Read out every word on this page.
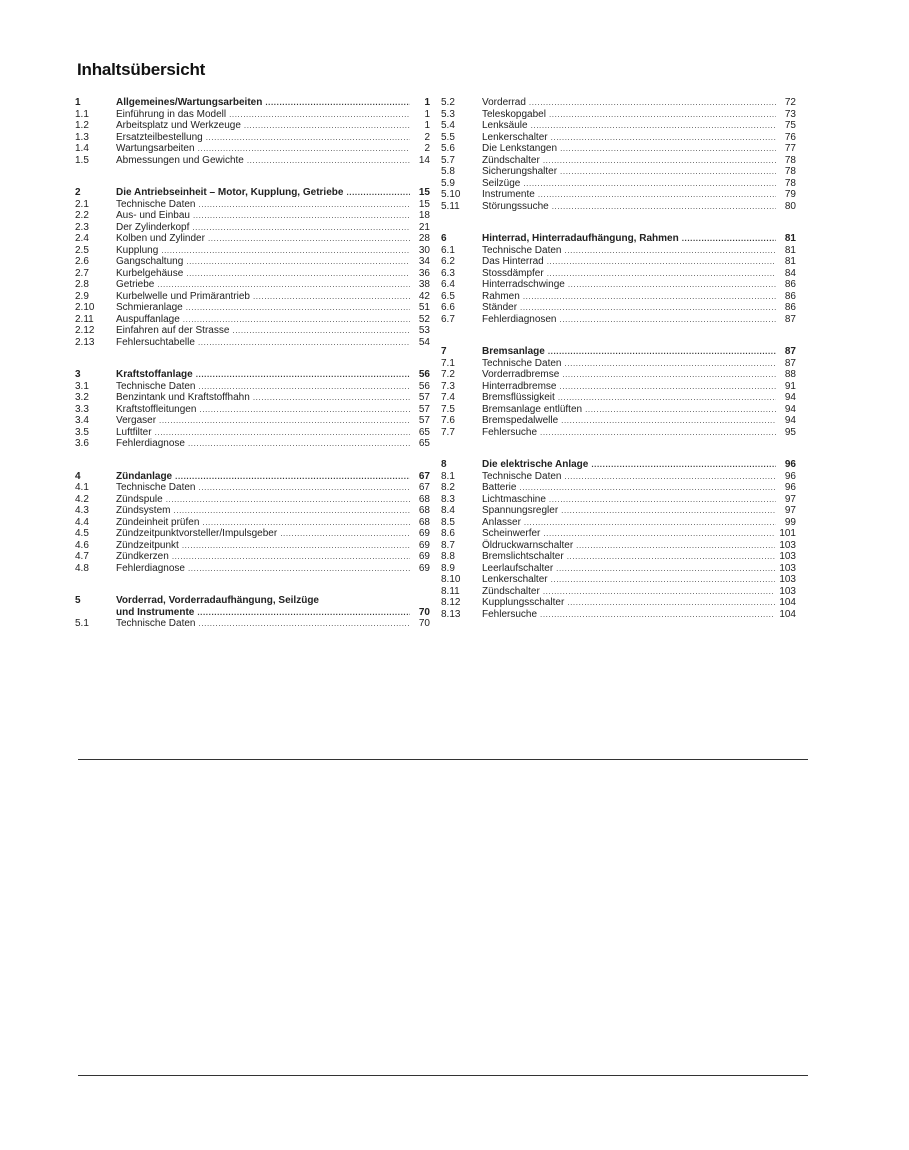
Inhaltsübersicht
1	Allgemeines/Wartungsarbeiten .....	1
1.1	Einführung in das Modell .....	1
1.2	Arbeitsplatz und Werkzeuge .....	1
1.3	Ersatzteilbestellung .....	2
1.4	Wartungsarbeiten .....	2
1.5	Abmessungen und Gewichte .....	14
2	Die Antriebseinheit – Motor, Kupplung, Getriebe .....	15
2.1	Technische Daten .....	15
2.2	Aus- und Einbau .....	18
2.3	Der Zylinderkopf .....	21
2.4	Kolben und Zylinder .....	28
2.5	Kupplung .....	30
2.6	Gangschaltung .....	34
2.7	Kurbelgehäuse .....	36
2.8	Getriebe .....	38
2.9	Kurbelwelle und Primärantrieb .....	42
2.10	Schmieranlage .....	51
2.11	Auspuffanlage .....	52
2.12	Einfahren auf der Strasse .....	53
2.13	Fehlersuchtabelle .....	54
3	Kraftstoffanlage .....	56
3.1	Technische Daten .....	56
3.2	Benzintank und Kraftstoffhahn .....	57
3.3	Kraftstoffleitungen .....	57
3.4	Vergaser .....	57
3.5	Luftfilter .....	65
3.6	Fehlerdiagnose .....	65
4	Zündanlage .....	67
4.1	Technische Daten .....	67
4.2	Zündspule .....	68
4.3	Zündsystem .....	68
4.4	Zündeinheit prüfen .....	68
4.5	Zündzeitpunktvorsteller/Impulsgeber .....	69
4.6	Zündzeitpunkt .....	69
4.7	Zündkerzen .....	69
4.8	Fehlerdiagnose .....	69
5	Vorderrad, Vorderradaufhängung, Seilzüge
und Instrumente .....	70
5.1	Technische Daten .....	70
5.2	Vorderrad .....	72
5.3	Teleskopgabel .....	73
5.4	Lenksäule .....	75
5.5	Lenkerschalter .....	76
5.6	Die Lenkstangen .....	77
5.7	Zündschalter .....	78
5.8	Sicherungshalter .....	78
5.9	Seilzüge .....	78
5.10	Instrumente .....	79
5.11	Störungssuche .....	80
6	Hinterrad, Hinterradaufhängung, Rahmen .....	81
6.1	Technische Daten .....	81
6.2	Das Hinterrad .....	81
6.3	Stossdämpfer .....	84
6.4	Hinterradschwinge .....	86
6.5	Rahmen .....	86
6.6	Ständer .....	86
6.7	Fehlerdiagnosen .....	87
7	Bremsanlage .....	87
7.1	Technische Daten .....	87
7.2	Vorderradbremse .....	88
7.3	Hinterradbremse .....	91
7.4	Bremsflüssigkeit .....	94
7.5	Bremsanlage entlüften .....	94
7.6	Bremspedalwelle .....	94
7.7	Fehlersuche .....	95
8	Die elektrische Anlage .....	96
8.1	Technische Daten .....	96
8.2	Batterie .....	96
8.3	Lichtmaschine .....	97
8.4	Spannungsregler .....	97
8.5	Anlasser .....	99
8.6	Scheinwerfer .....	101
8.7	Öldruckwarnschalter .....	103
8.8	Bremslichtschalter .....	103
8.9	Leerlaufschalter .....	103
8.10	Lenkerschalter .....	103
8.11	Zündschalter .....	103
8.12	Kupplungsschalter .....	104
8.13	Fehlersuche .....	104
